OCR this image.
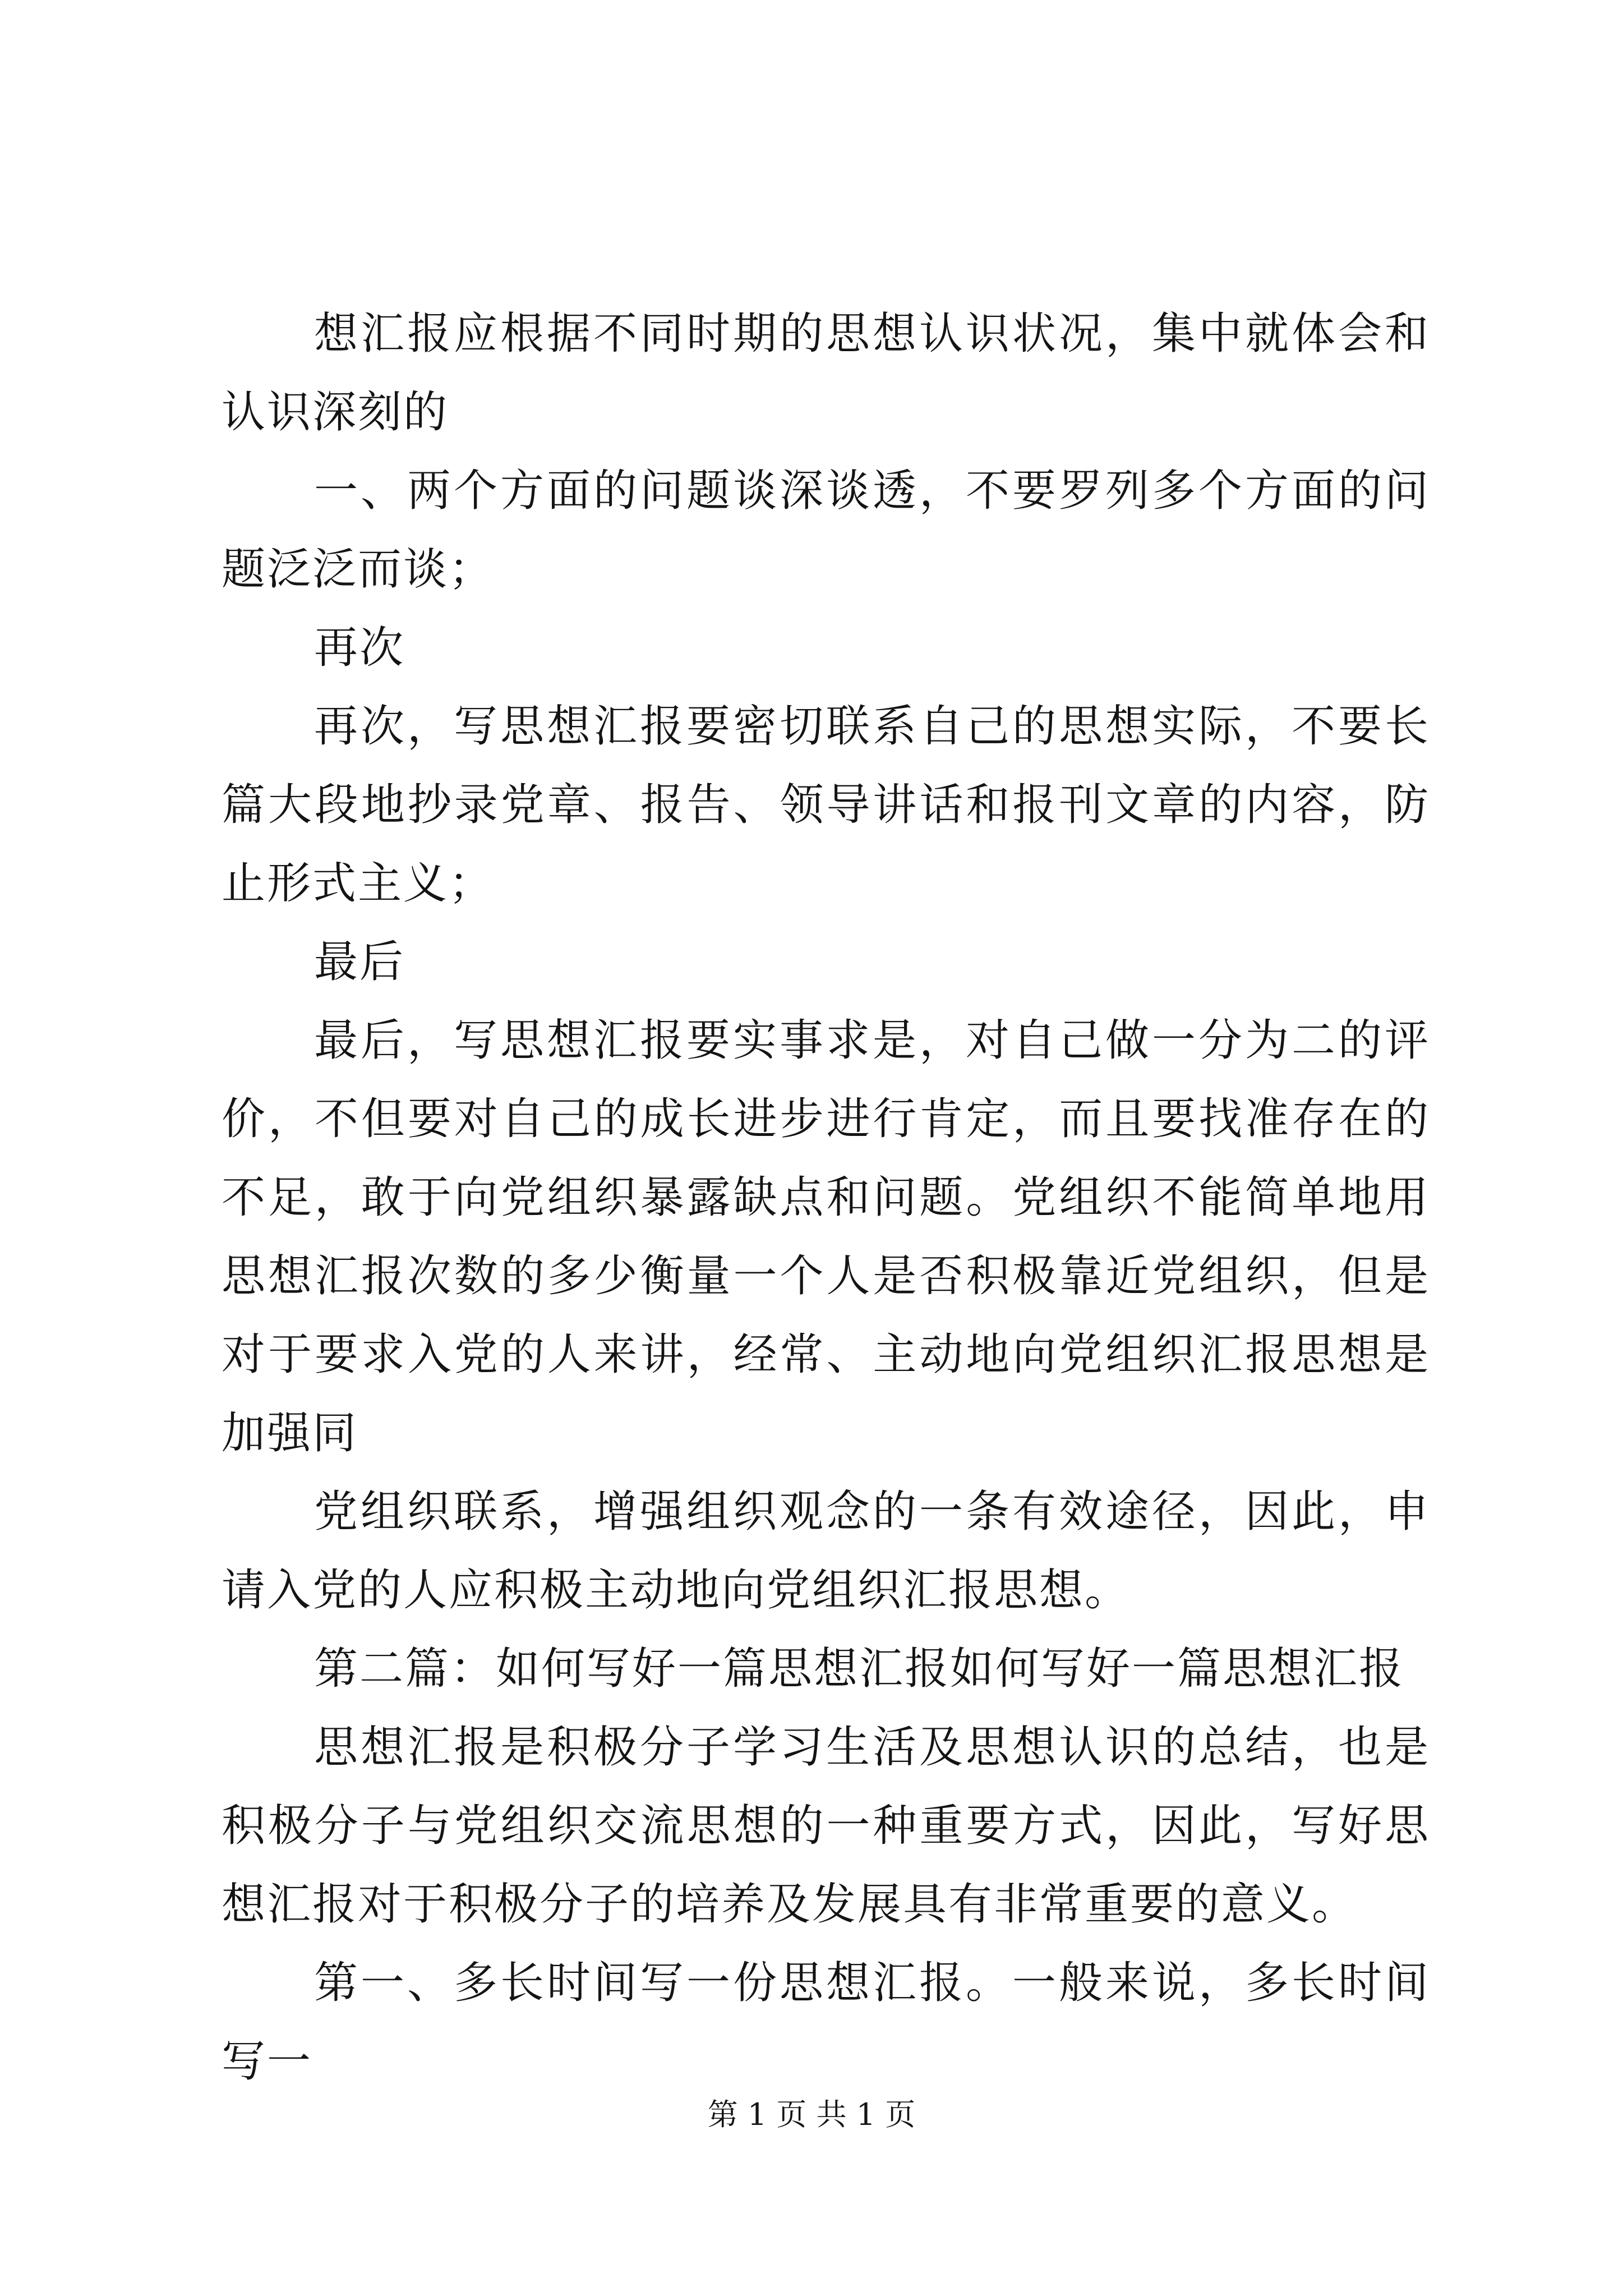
想汇报应根据不同时期的思想认识状况，集中就体会和认识深刻的

一、两个方面的问题谈深谈透，不要罗列多个方面的问题泛泛而谈；

再次

再次，写思想汇报要密切联系自己的思想实际，不要长篇大段地抄录党章、报告、领导讲话和报刊文章的内容，防止形式主义；

最后

最后，写思想汇报要实事求是，对自己做一分为二的评价，不但要对自己的成长进步进行肯定，而且要找准存在的不足，敢于向党组织暴露缺点和问题。党组织不能简单地用思想汇报次数的多少衡量一个人是否积极靠近党组织，但是对于要求入党的人来讲，经常、主动地向党组织汇报思想是加强同

党组织联系，增强组织观念的一条有效途径，因此，申请入党的人应积极主动地向党组织汇报思想。

第二篇：如何写好一篇思想汇报如何写好一篇思想汇报

思想汇报是积极分子学习生活及思想认识的总结，也是积极分子与党组织交流思想的一种重要方式，因此，写好思想汇报对于积极分子的培养及发展具有非常重要的意义。

第一、多长时间写一份思想汇报。一般来说，多长时间写一

第 1 页 共 1 页
